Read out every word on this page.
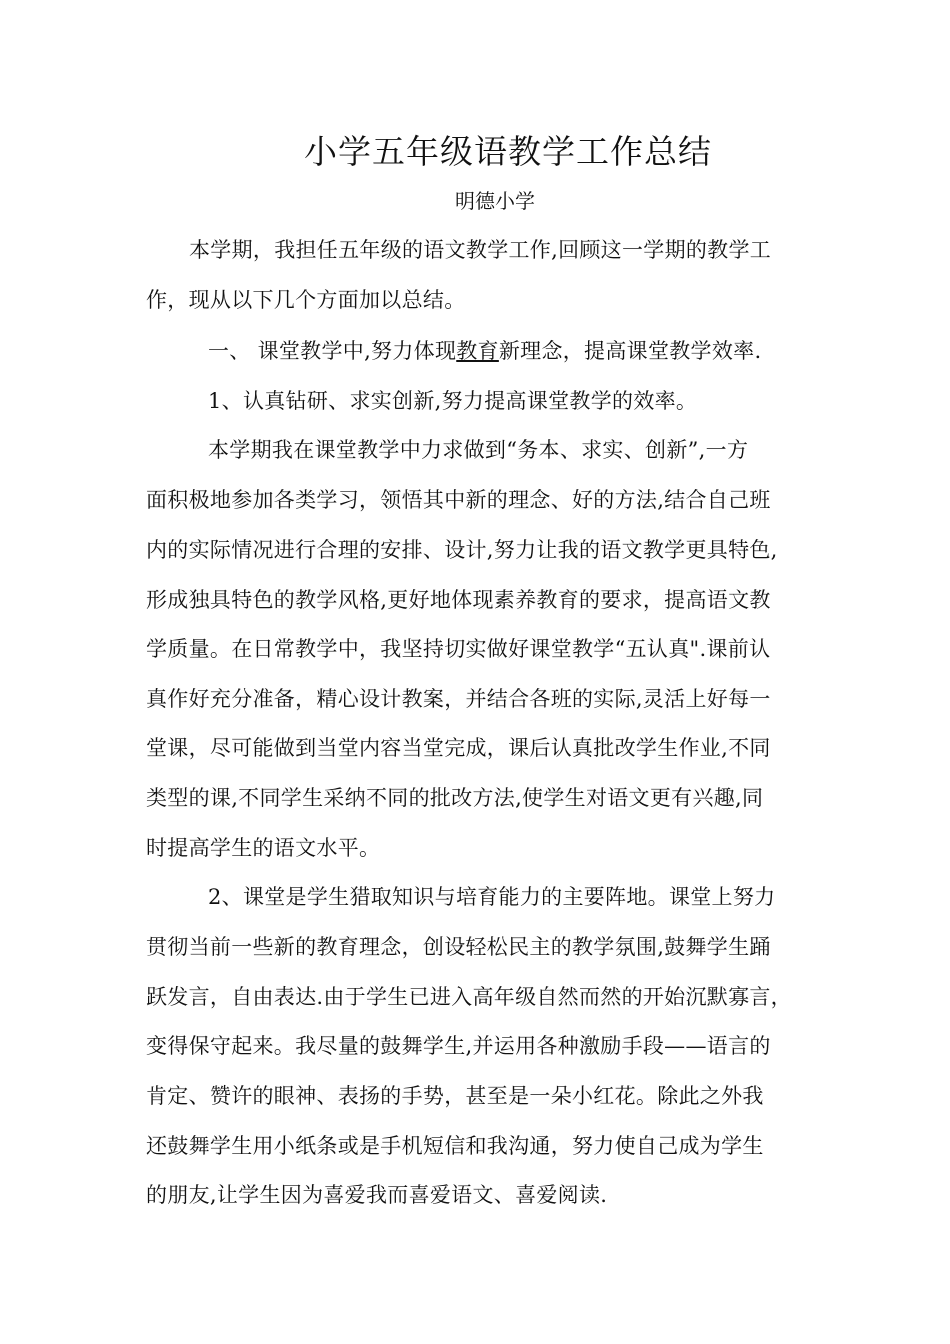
小学五年级语教学工作总结
明德小学
本学期，我担任五年级的语文教学工作,回顾这一学期的教学工
作，现从以下几个方面加以总结。
一、 课堂教学中,努力体现教育新理念，提高课堂教学效率.
1、认真钻研、求实创新,努力提高课堂教学的效率。
本学期我在课堂教学中力求做到“务本、求实、创新”,一方
面积极地参加各类学习，领悟其中新的理念、好的方法,结合自己班
内的实际情况进行合理的安排、设计,努力让我的语文教学更具特色,
形成独具特色的教学风格,更好地体现素养教育的要求，提高语文教
学质量。在日常教学中，我坚持切实做好课堂教学“五认真".课前认
真作好充分准备，精心设计教案，并结合各班的实际,灵活上好每一
堂课，尽可能做到当堂内容当堂完成，课后认真批改学生作业,不同
类型的课,不同学生采纳不同的批改方法,使学生对语文更有兴趣,同
时提高学生的语文水平。
2、课堂是学生猎取知识与培育能力的主要阵地。课堂上努力
贯彻当前一些新的教育理念，创设轻松民主的教学氛围,鼓舞学生踊
跃发言，自由表达.由于学生已进入高年级自然而然的开始沉默寡言，
变得保守起来。我尽量的鼓舞学生,并运用各种激励手段——语言的
肯定、赞许的眼神、表扬的手势，甚至是一朵小红花。除此之外我
还鼓舞学生用小纸条或是手机短信和我沟通，努力使自己成为学生
的朋友,让学生因为喜爱我而喜爱语文、喜爱阅读.
